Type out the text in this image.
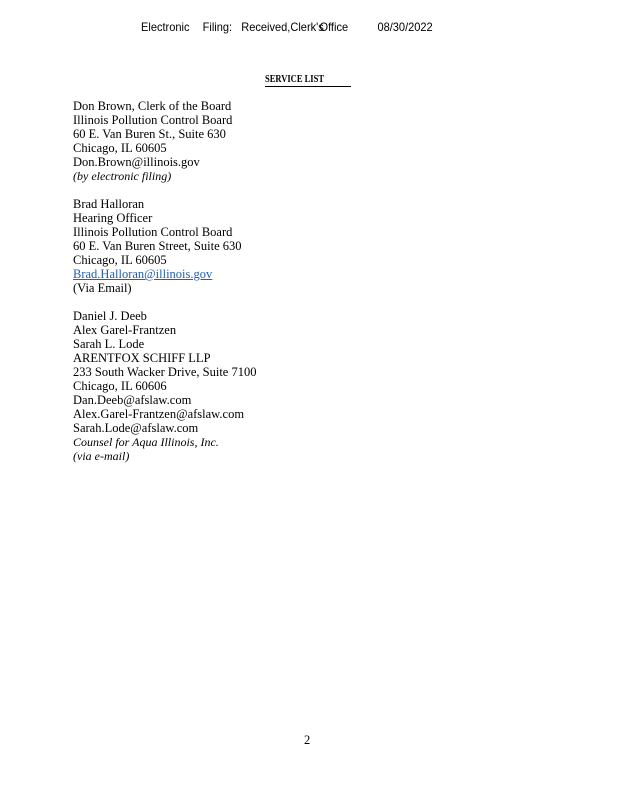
Electronic Filing: Received,Clerk'sOffice 08/30/2022
SERVICE LIST
Don Brown, Clerk of the Board
Illinois Pollution Control Board
60 E. Van Buren St., Suite 630
Chicago, IL 60605
Don.Brown@illinois.gov
(by electronic filing)
Brad Halloran
Hearing Officer
Illinois Pollution Control Board
60 E. Van Buren Street, Suite 630
Chicago, IL 60605
Brad.Halloran@illinois.gov
(Via Email)
Daniel J. Deeb
Alex Garel-Frantzen
Sarah L. Lode
ARENTFOX SCHIFF LLP
233 South Wacker Drive, Suite 7100
Chicago, IL 60606
Dan.Deeb@afslaw.com
Alex.Garel-Frantzen@afslaw.com
Sarah.Lode@afslaw.com
Counsel for Aqua Illinois, Inc.
(via e-mail)
2
